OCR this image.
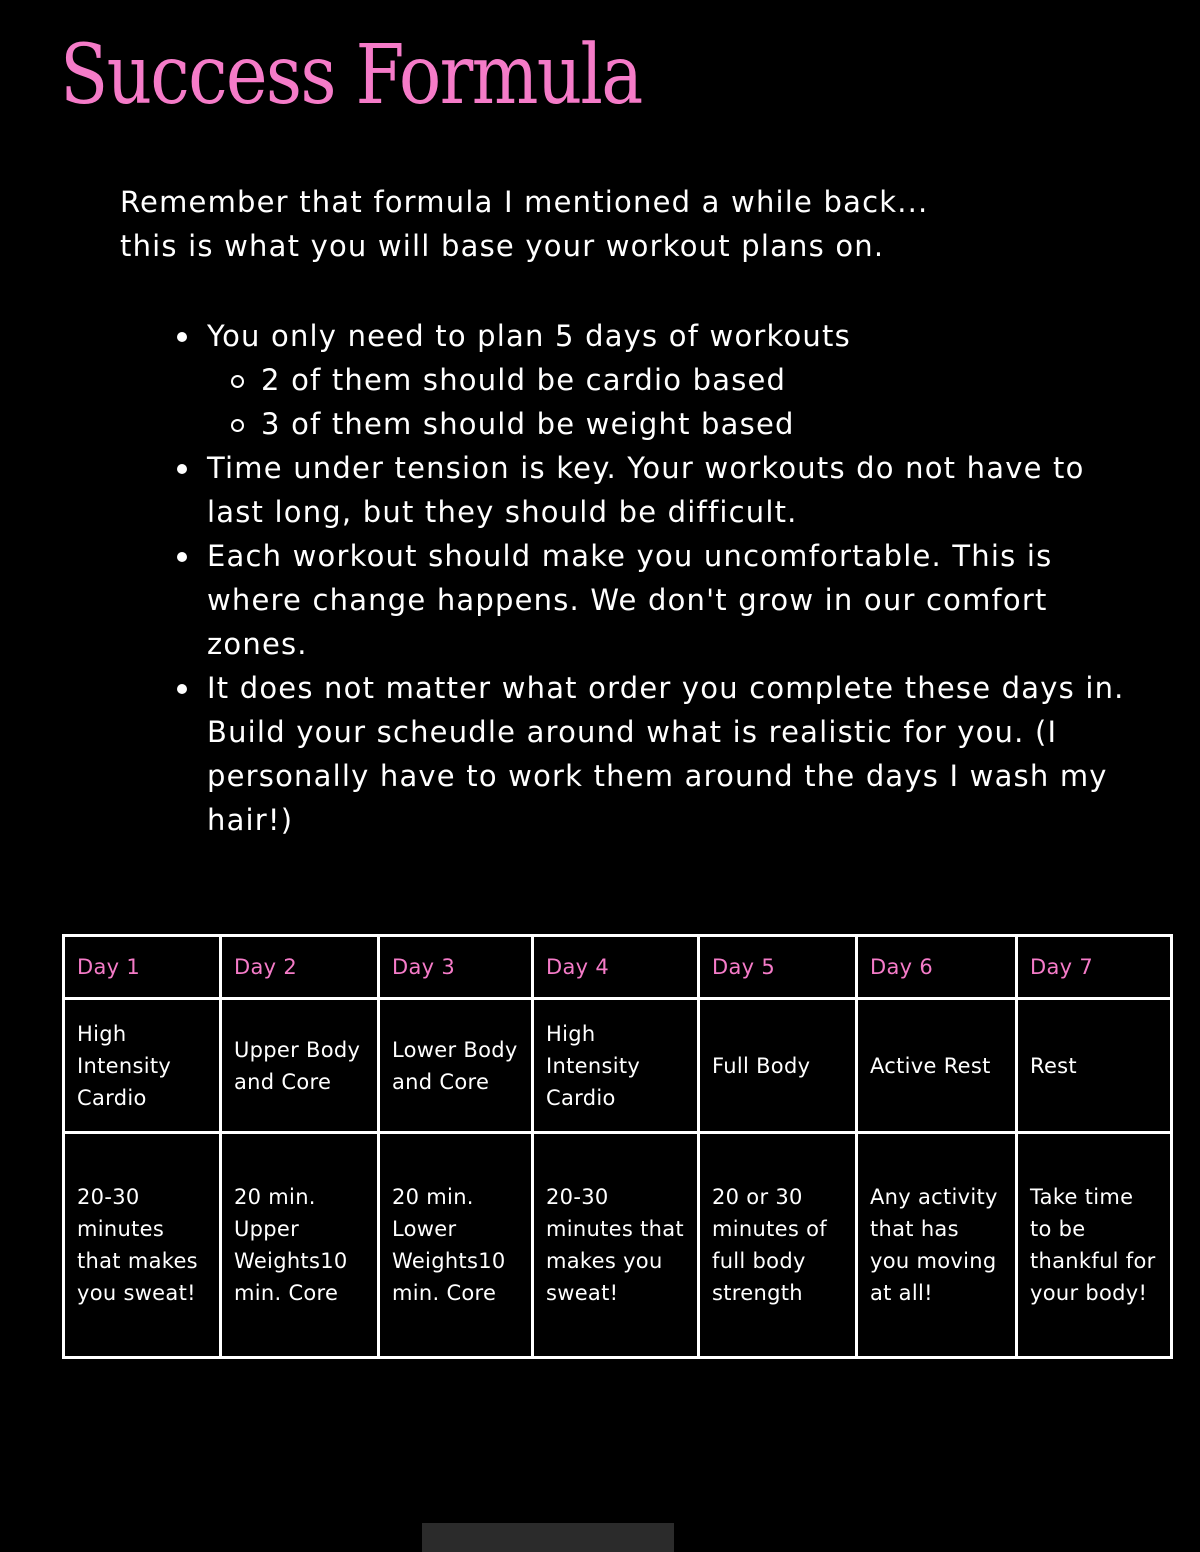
Success Formula
Remember that formula I mentioned a while back...
this is what you will base your workout plans on.
You only need to plan 5 days of workouts
2 of them should be cardio based
3 of them should be weight based
Time under tension is key. Your workouts do not have to last long, but they should be difficult.
Each workout should make you uncomfortable. This is where change happens. We don't grow in our comfort zones.
It does not matter what order you complete these days in. Build your scheudle around what is realistic for you. (I personally have to work them around the days I wash my hair!)
Day 1	Day 2	Day 3	Day 4	Day 5	Day 6	Day 7
High Intensity Cardio	Upper Body and Core	Lower Body and Core	High Intensity Cardio	Full Body	Active Rest	Rest
20-30 minutes that makes you sweat!	20 min. Upper Weights10 min. Core	20 min. Lower Weights10 min. Core	20-30 minutes that makes you sweat!	20 or 30 minutes of full body strength	Any activity that has you moving at all!	Take time to be thankful for your body!
